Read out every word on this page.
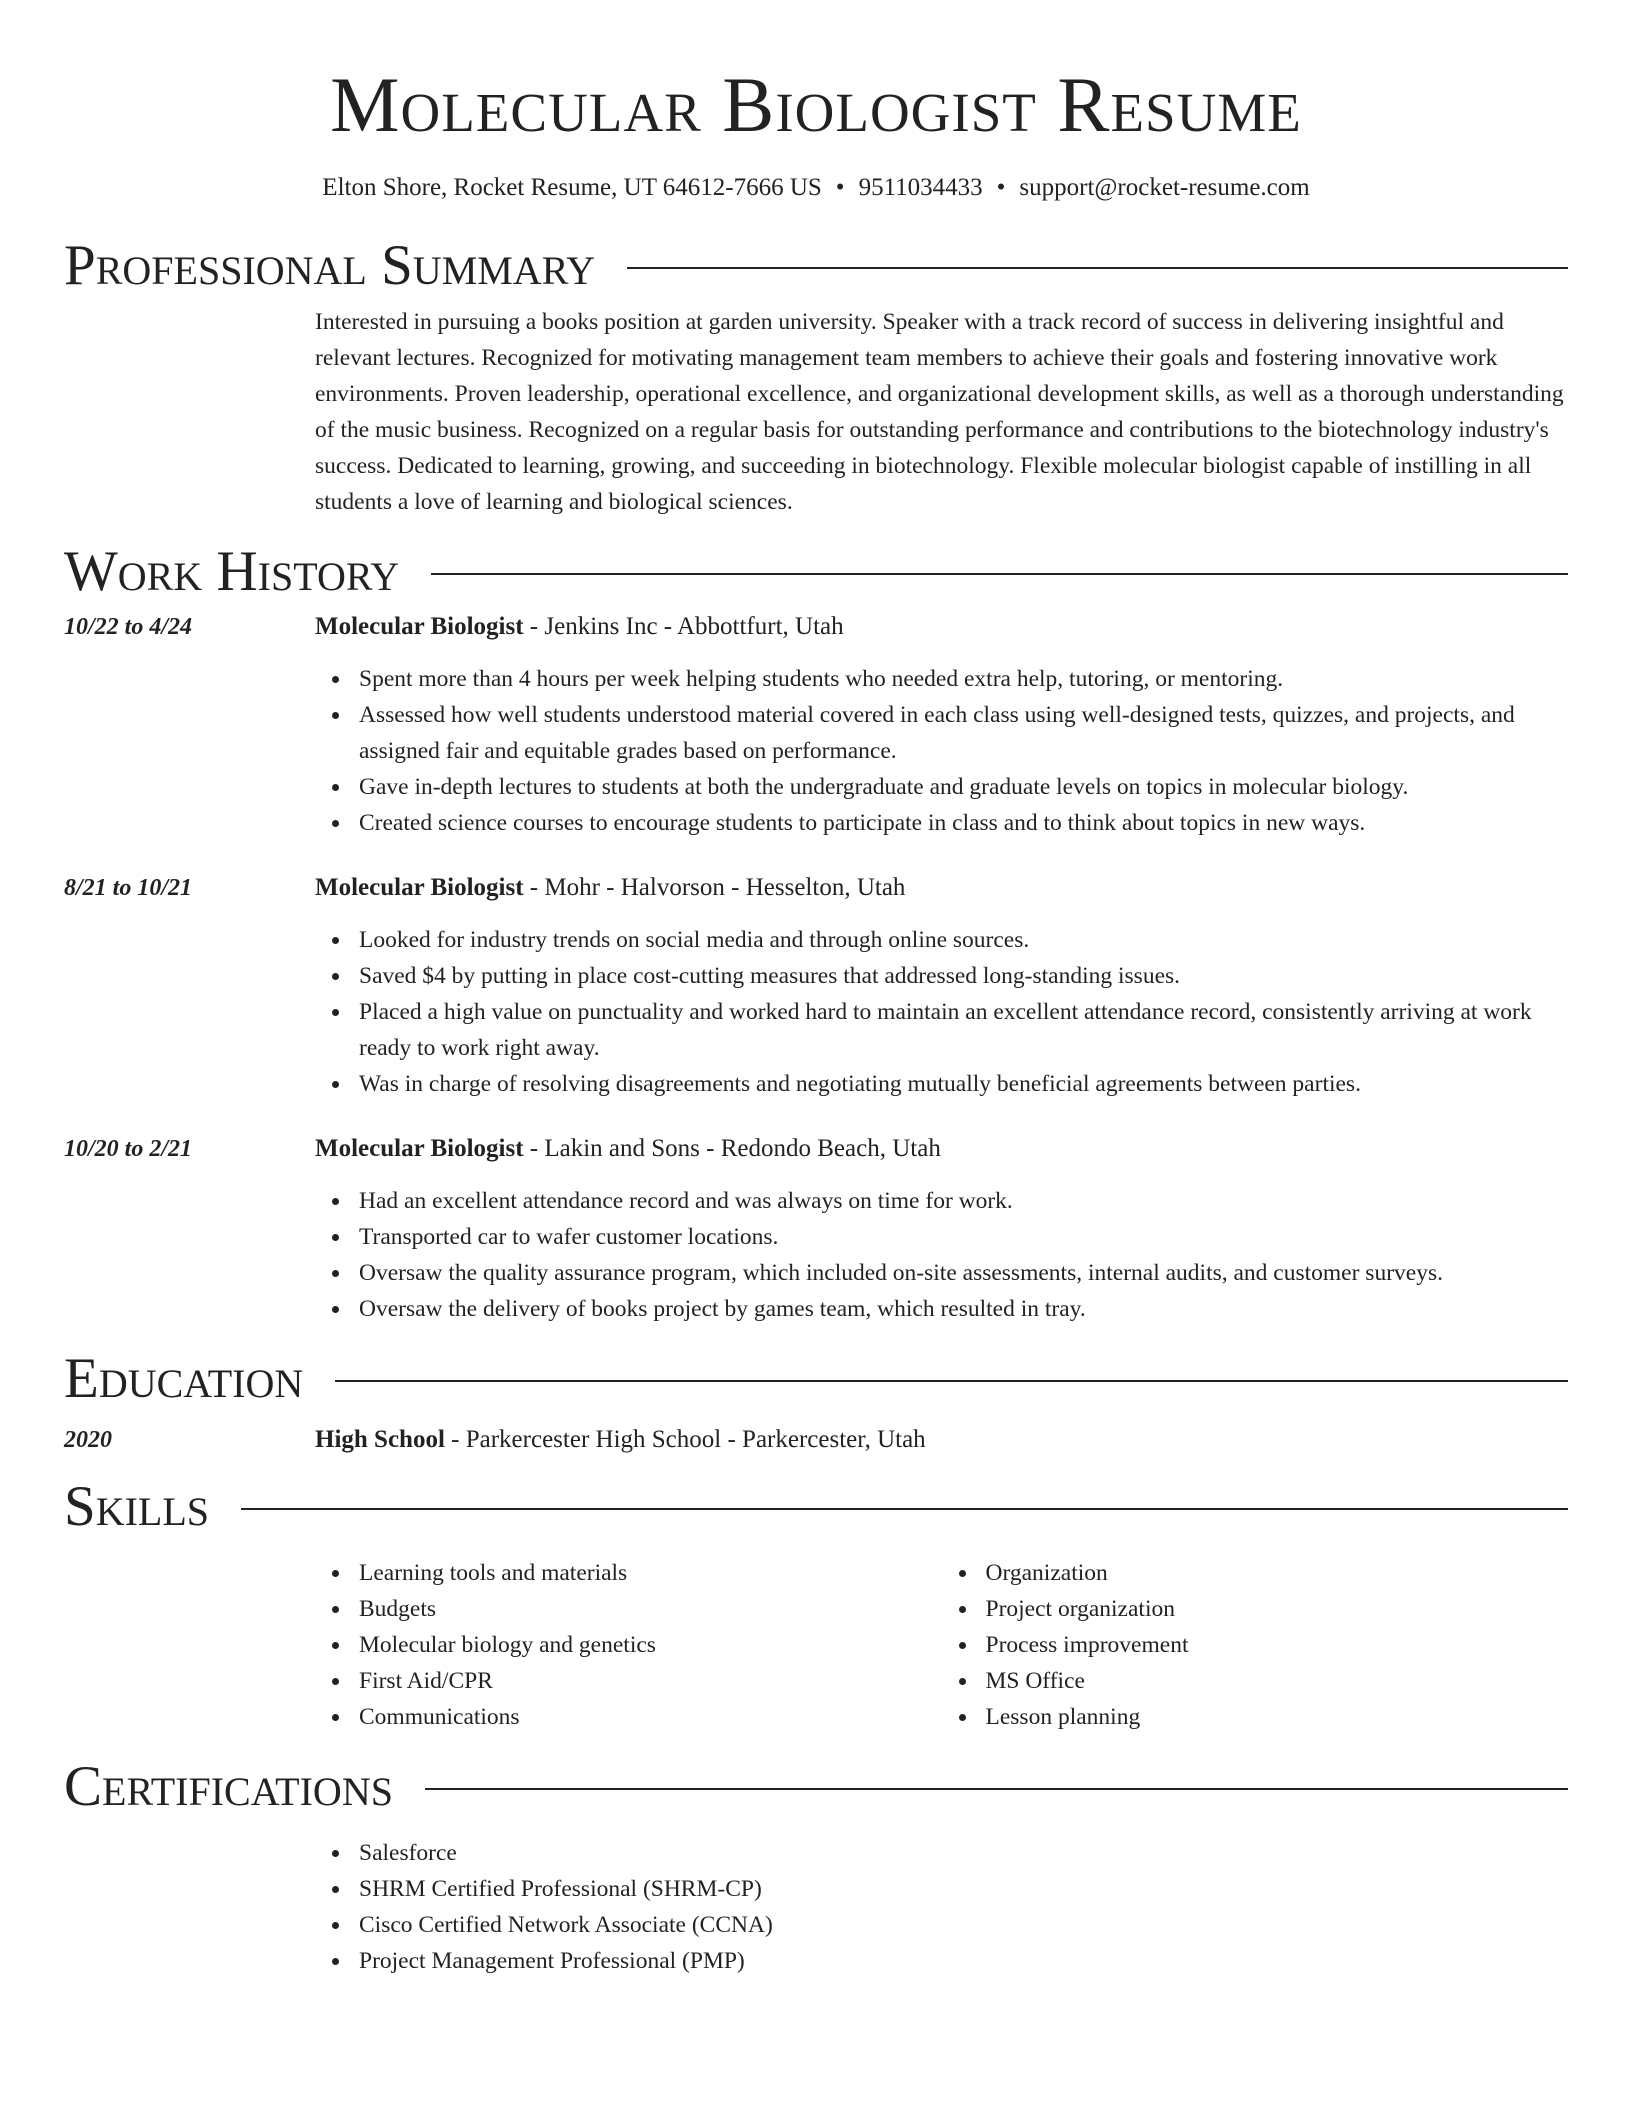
Molecular Biologist Resume
Elton Shore, Rocket Resume, UT 64612-7666 US • 9511034433 • support@rocket-resume.com
Professional Summary
Interested in pursuing a books position at garden university. Speaker with a track record of success in delivering insightful and relevant lectures. Recognized for motivating management team members to achieve their goals and fostering innovative work environments. Proven leadership, operational excellence, and organizational development skills, as well as a thorough understanding of the music business. Recognized on a regular basis for outstanding performance and contributions to the biotechnology industry's success. Dedicated to learning, growing, and succeeding in biotechnology. Flexible molecular biologist capable of instilling in all students a love of learning and biological sciences.
Work History
10/22 to 4/24	Molecular Biologist - Jenkins Inc - Abbottfurt, Utah
Spent more than 4 hours per week helping students who needed extra help, tutoring, or mentoring.
Assessed how well students understood material covered in each class using well-designed tests, quizzes, and projects, and assigned fair and equitable grades based on performance.
Gave in-depth lectures to students at both the undergraduate and graduate levels on topics in molecular biology.
Created science courses to encourage students to participate in class and to think about topics in new ways.
8/21 to 10/21	Molecular Biologist - Mohr - Halvorson - Hesselton, Utah
Looked for industry trends on social media and through online sources.
Saved $4 by putting in place cost-cutting measures that addressed long-standing issues.
Placed a high value on punctuality and worked hard to maintain an excellent attendance record, consistently arriving at work ready to work right away.
Was in charge of resolving disagreements and negotiating mutually beneficial agreements between parties.
10/20 to 2/21	Molecular Biologist - Lakin and Sons - Redondo Beach, Utah
Had an excellent attendance record and was always on time for work.
Transported car to wafer customer locations.
Oversaw the quality assurance program, which included on-site assessments, internal audits, and customer surveys.
Oversaw the delivery of books project by games team, which resulted in tray.
Education
2020	High School - Parkercester High School - Parkercester, Utah
Skills
Learning tools and materials
Budgets
Molecular biology and genetics
First Aid/CPR
Communications
Organization
Project organization
Process improvement
MS Office
Lesson planning
Certifications
Salesforce
SHRM Certified Professional (SHRM-CP)
Cisco Certified Network Associate (CCNA)
Project Management Professional (PMP)
